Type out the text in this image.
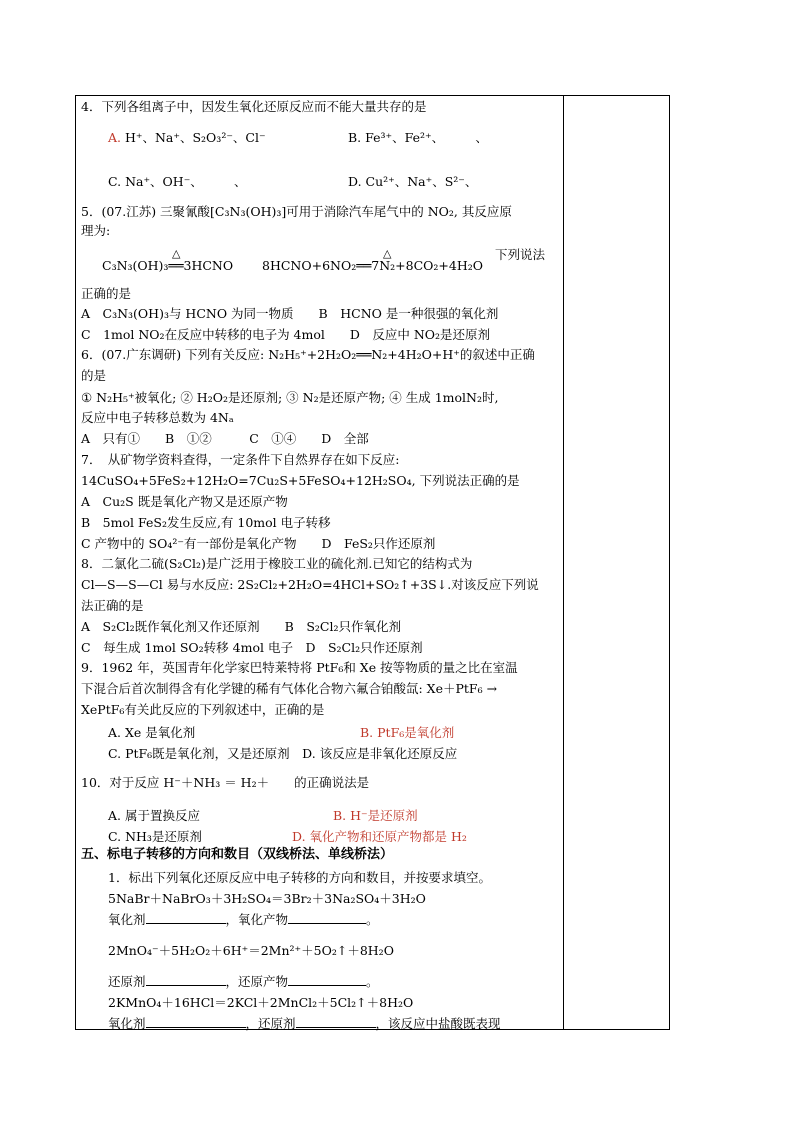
4．下列各组离子中，因发生氧化还原反应而不能大量共存的是
A. H⁺、Na⁺、S₂O₃²⁻、Cl⁻	B. Fe³⁺、Fe²⁺、　　　、
C. Na⁺、OH⁻、　　　、	D. Cu²⁺、Na⁺、S²⁻、
5．(07.江苏) 三聚氰酸[C₃N₃(OH)₃]可用于消除汽车尾气中的 NO₂, 其反应原
理为:
△	△
C₃N₃(OH)₃══3HCNO 8HCNO+6NO₂══7N₂+8CO₂+4H₂O
下列说法
正确的是
A　C₃N₃(OH)₃与 HCNO 为同一物质　　B　HCNO 是一种很强的氧化剂
C　1mol NO₂在反应中转移的电子为 4mol　　D　反应中 NO₂是还原剂
6．(07.广东调研) 下列有关反应: N₂H₅⁺+2H₂O₂══N₂+4H₂O+H⁺的叙述中正确
的是
① N₂H₅⁺被氧化; ② H₂O₂是还原剂; ③ N₂是还原产物; ④ 生成 1molN₂时,
反应中电子转移总数为 4Nₐ
A　只有①　　B　①②　　　C　①④　　D　全部
7．　从矿物学资料查得，一定条件下自然界存在如下反应:
14CuSO₄+5FeS₂+12H₂O=7Cu₂S+5FeSO₄+12H₂SO₄, 下列说法正确的是
A　Cu₂S 既是氧化产物又是还原产物
B　5mol FeS₂发生反应,有 10mol 电子转移
C 产物中的 SO₄²⁻有一部份是氧化产物　　D　FeS₂只作还原剂
8．二氯化二硫(S₂Cl₂)是广泛用于橡胶工业的硫化剂.已知它的结构式为
Cl—S—S—Cl 易与水反应: 2S₂Cl₂+2H₂O=4HCl+SO₂↑+3S↓.对该反应下列说
法正确的是
A　S₂Cl₂既作氧化剂又作还原剂　　B　S₂Cl₂只作氧化剂
C　每生成 1mol SO₂转移 4mol 电子　D　S₂Cl₂只作还原剂
9．1962 年，英国青年化学家巴特莱特将 PtF₆和 Xe 按等物质的量之比在室温
下混合后首次制得含有化学键的稀有气体化合物六氟合铂酸氙: Xe＋PtF₆ →
XePtF₆有关此反应的下列叙述中，正确的是
A. Xe 是氧化剂	B. PtF₆是氧化剂
C. PtF₆既是氧化剂，又是还原剂　D. 该反应是非氧化还原反应
10．对于反应 H⁻＋NH₃ ＝ H₂＋　　的正确说法是
A. 属于置换反应	B. H⁻是还原剂
C. NH₃是还原剂	D. 氧化产物和还原产物都是 H₂
五、标电子转移的方向和数目（双线桥法、单线桥法）
1．标出下列氧化还原反应中电子转移的方向和数目，并按要求填空。
5NaBr＋NaBrO₃＋3H₂SO₄＝3Br₂＋3Na₂SO₄＋3H₂O
氧化剂	，氧化产物	。
2MnO₄⁻＋5H₂O₂＋6H⁺＝2Mn²⁺＋5O₂↑＋8H₂O
还原剂	，还原产物	。
2KMnO₄＋16HCl＝2KCl＋2MnCl₂＋5Cl₂↑＋8H₂O
氧化剂	，还原剂	，该反应中盐酸既表现
